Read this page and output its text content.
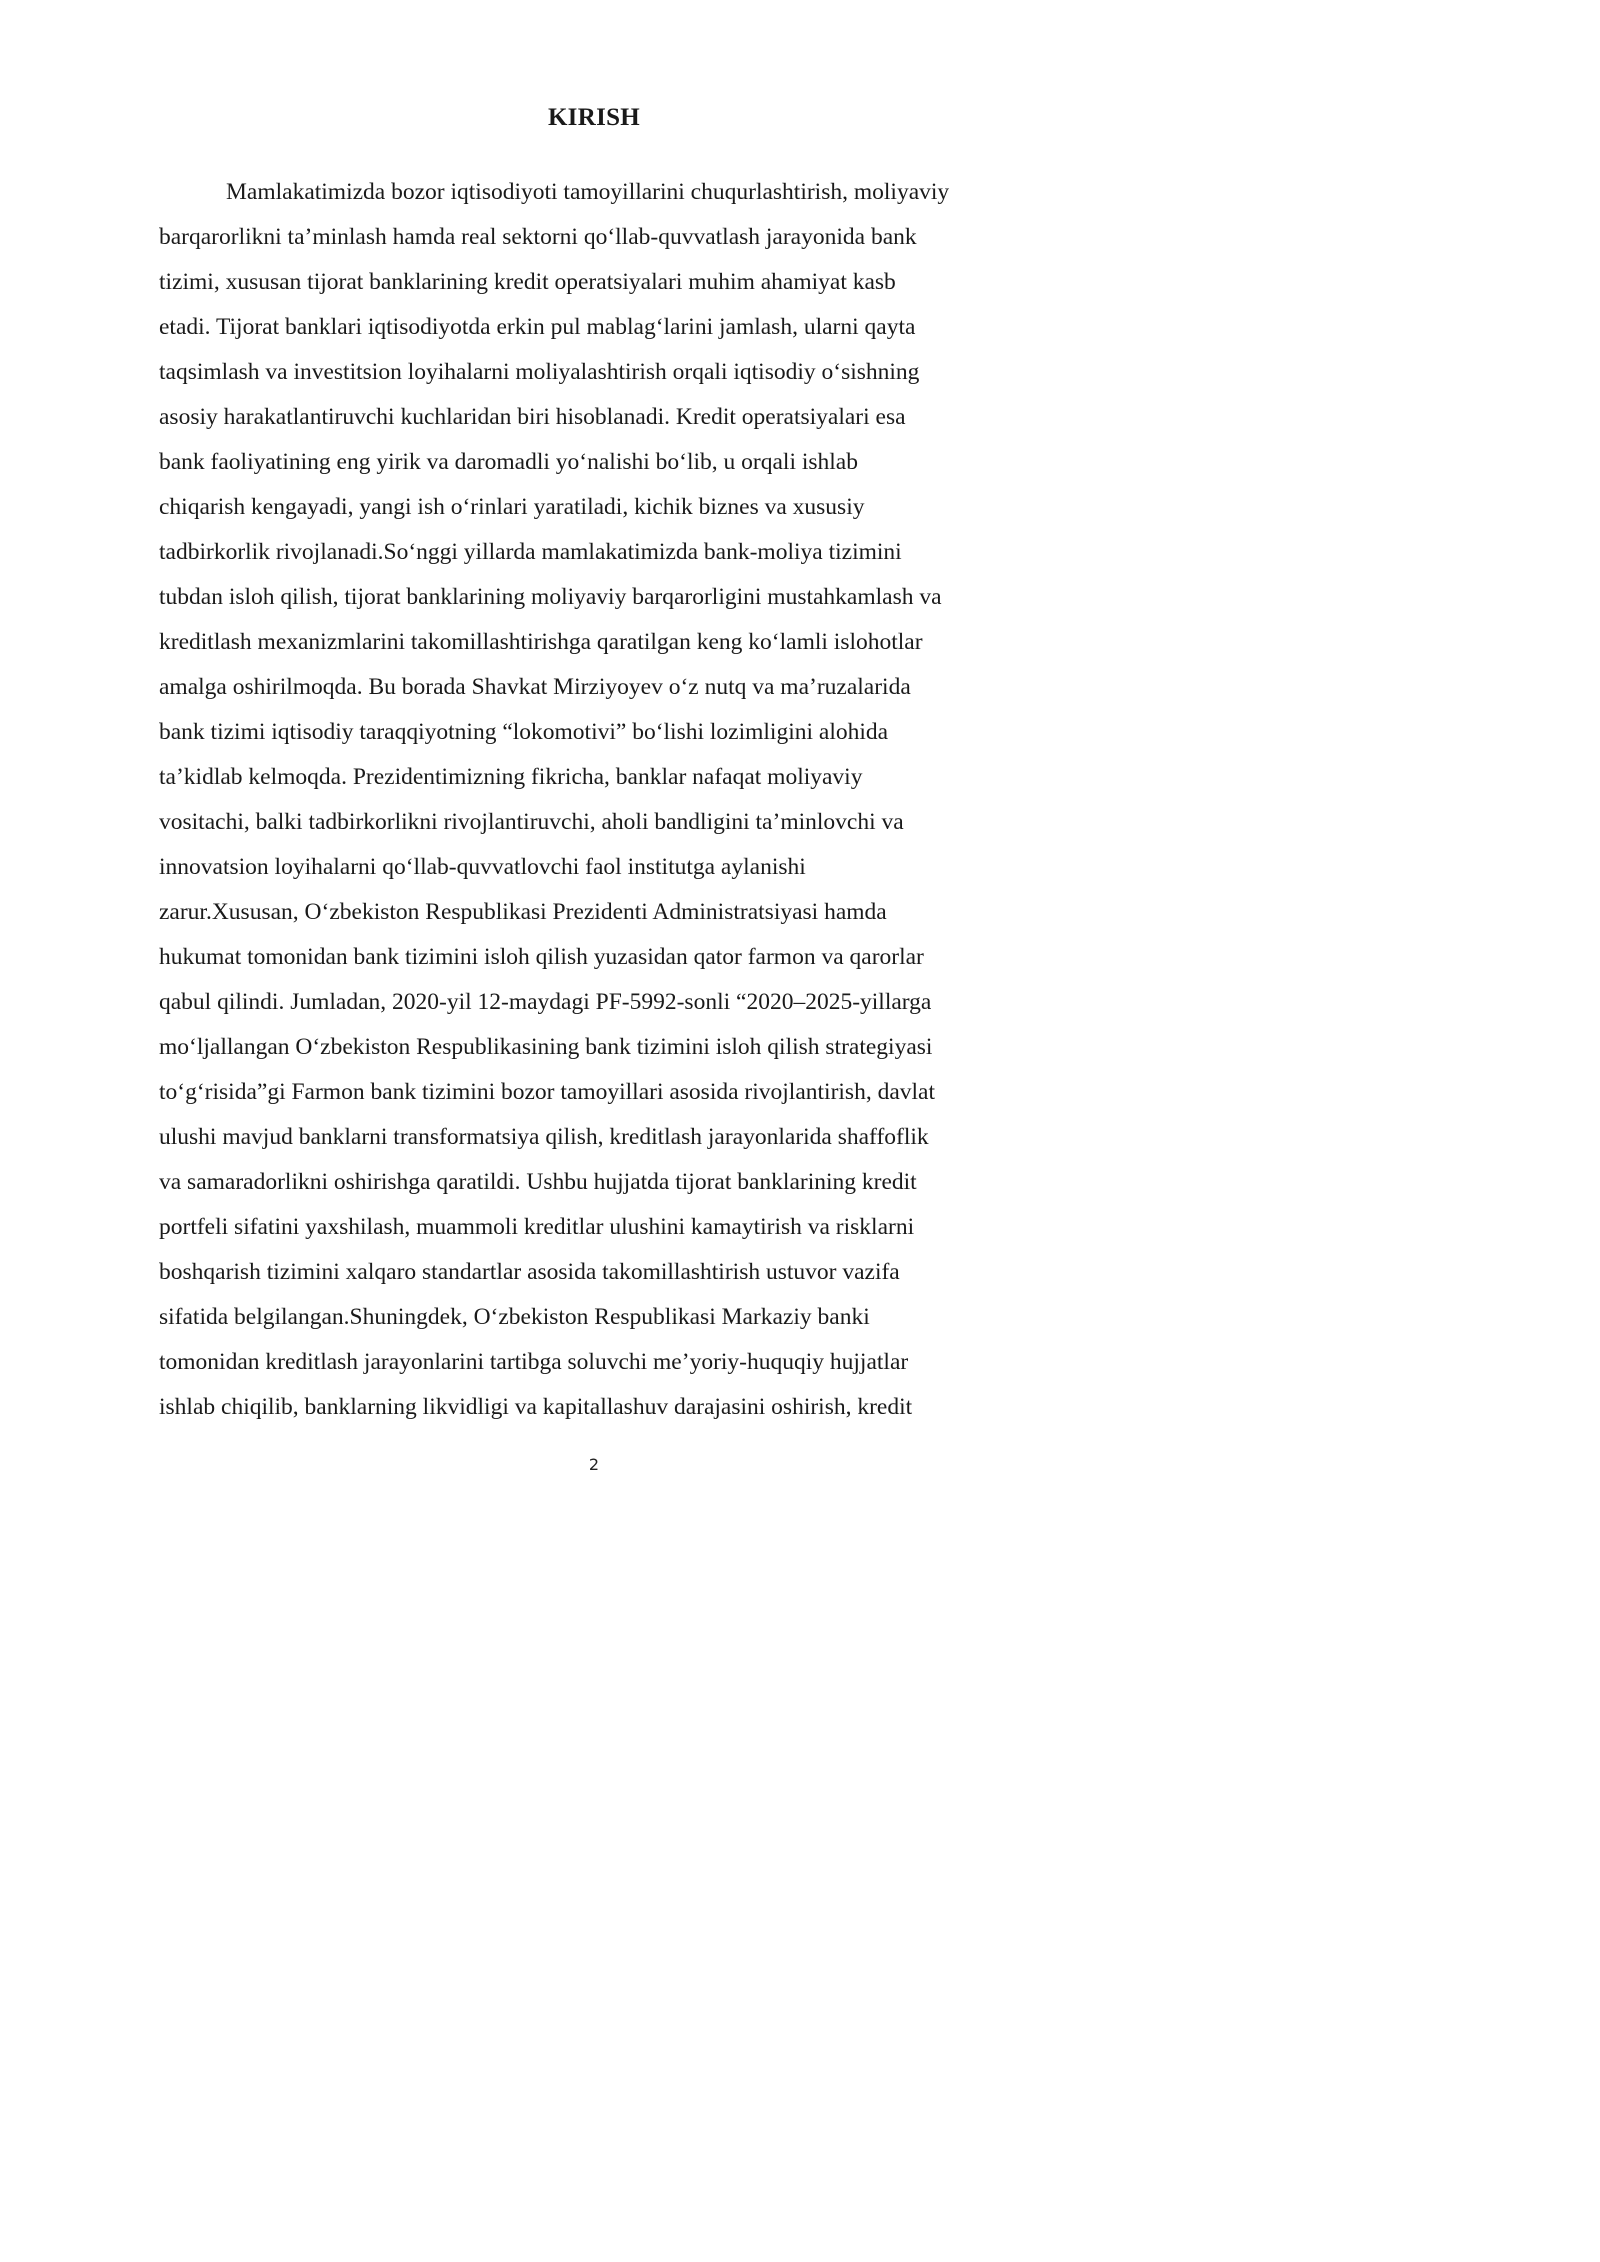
KIRISH
Mamlakatimizda bozor iqtisodiyoti tamoyillarini chuqurlashtirish, moliyaviy
barqarorlikni ta’minlash hamda real sektorni qo‘llab-quvvatlash jarayonida bank
tizimi, xususan tijorat banklarining kredit operatsiyalari muhim ahamiyat kasb
etadi. Tijorat banklari iqtisodiyotda erkin pul mablag‘larini jamlash, ularni qayta
taqsimlash va investitsion loyihalarni moliyalashtirish orqali iqtisodiy o‘sishning
asosiy harakatlantiruvchi kuchlaridan biri hisoblanadi. Kredit operatsiyalari esa
bank faoliyatining eng yirik va daromadli yo‘nalishi bo‘lib, u orqali ishlab
chiqarish kengayadi, yangi ish o‘rinlari yaratiladi, kichik biznes va xususiy
tadbirkorlik rivojlanadi.So‘nggi yillarda mamlakatimizda bank-moliya tizimini
tubdan isloh qilish, tijorat banklarining moliyaviy barqarorligini mustahkamlash va
kreditlash mexanizmlarini takomillashtirishga qaratilgan keng ko‘lamli islohotlar
amalga oshirilmoqda. Bu borada Shavkat Mirziyoyev o‘z nutq va ma’ruzalarida
bank tizimi iqtisodiy taraqqiyotning “lokomotivi” bo‘lishi lozimligini alohida
ta’kidlab kelmoqda. Prezidentimizning fikricha, banklar nafaqat moliyaviy
vositachi, balki tadbirkorlikni rivojlantiruvchi, aholi bandligini ta’minlovchi va
innovatsion loyihalarni qo‘llab-quvvatlovchi faol institutga aylanishi
zarur.Xususan, O‘zbekiston Respublikasi Prezidenti Administratsiyasi hamda
hukumat tomonidan bank tizimini isloh qilish yuzasidan qator farmon va qarorlar
qabul qilindi. Jumladan, 2020-yil 12-maydagi PF-5992-sonli “2020–2025-yillarga
mo‘ljallangan O‘zbekiston Respublikasining bank tizimini isloh qilish strategiyasi
to‘g‘risida”gi Farmon bank tizimini bozor tamoyillari asosida rivojlantirish, davlat
ulushi mavjud banklarni transformatsiya qilish, kreditlash jarayonlarida shaffoflik
va samaradorlikni oshirishga qaratildi. Ushbu hujjatda tijorat banklarining kredit
portfeli sifatini yaxshilash, muammoli kreditlar ulushini kamaytirish va risklarni
boshqarish tizimini xalqaro standartlar asosida takomillashtirish ustuvor vazifa
sifatida belgilangan.Shuningdek, O‘zbekiston Respublikasi Markaziy banki
tomonidan kreditlash jarayonlarini tartibga soluvchi me’yoriy-huquqiy hujjatlar
ishlab chiqilib, banklarning likvidligi va kapitallashuv darajasini oshirish, kredit
2
